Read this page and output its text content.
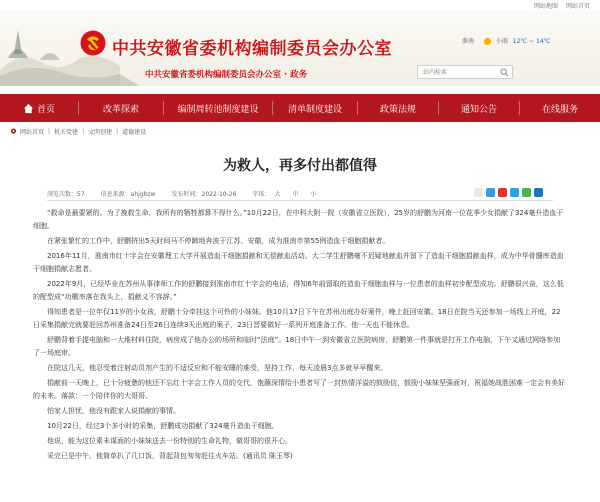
网站地图 网站首页
中共安徽省委机构编制委员会办公室
中共安徽省委机构编制委员会办公室 · 政务
淮南	小雨 12℃ ~ 14℃
站内检索
首页	改革探索	编制周转池制度建设	清单制度建设	政策法规	通知公告	在线服务
网站首页 | 机关党建 | 文明创建 | 道德建设
为救人，再多付出都值得
浏览次数：57	信息来源：ahjgbzw	发布时间：2022-10-26	字体： 大 中 小

“救命是最要紧的。为了挽救生命，我所有的牺牲都算不得什么。”10月22日，在中科大附一院（安徽省立医院），25岁的舒鹏为河南一位花季少女捐献了324毫升造血干细胞。

在紧张繁忙的工作中，舒鹏挤出5天时间马不停蹄地奔波于江苏、安徽，成为淮南市第55例造血干细胞捐献者。

2016年11月，淮南市红十字会在安徽理工大学开展造血干细胞捐献和无偿献血活动。大二学生舒鹏毫不迟疑地献血并留下了造血干细胞捐献血样，成为中华骨髓库造血干细胞捐献志愿者。

2022年9月，已经毕业在苏州从事律师工作的舒鹏接到淮南市红十字会的电话，得知6年前留取的造血干细胞血样与一位患者的血样初步配型成功。舒鹏很兴奋，这么低的配型成“功概率落在我头上，捐献义不容辞。”

得知患者是一位年仅11岁的小女孩，舒鹏十分牵挂这个可怜的小妹妹。他10月17日下午在苏州出庭办好案件，晚上赶回安徽。18日在院当天还参加一场线上开庭，22日采集捐献完就要赶回苏州准备24日至26日连续3天出庭的案子，23日晋要做好一系列开庭准备工作。他一天也不能休息。

舒鹏背着手提电脑和一大堆材料住院，病房成了他办公的场所和临时“法庭”。18日中午一到安徽省立医院病房，舒鹏第一件事就是打开工作电脑，下午又通过网络参加了一场庭审。

在院这几天，他忍受着注射动员剂产生的不适反应和不能安睡的难受，坚持工作，每天凌晨3点多就早早醒来。

捐献前一天晚上，已十分疲惫的他还不忘红十字会工作人员的交代，饱蘸深情给小患者写了一封热情洋溢的鼓励信，鼓励小妹妹坚强面对，祝福她战胜困难一定会有美好的未来。落款：一个陪伴你的大哥哥。

怕家人担忧，他没有跟家人说捐献的事情。

10月22日，经过3个多小时的采集，舒鹏成功捐献了324毫升造血干细胞。

他说，能为这位素未谋面的小妹妹送去一份特别的生命礼物，做哥哥的很开心。

采完已是中午。他简单扒了几口饭，背起背包匆匆赶往火车站。(通讯员 陈玉琴)
